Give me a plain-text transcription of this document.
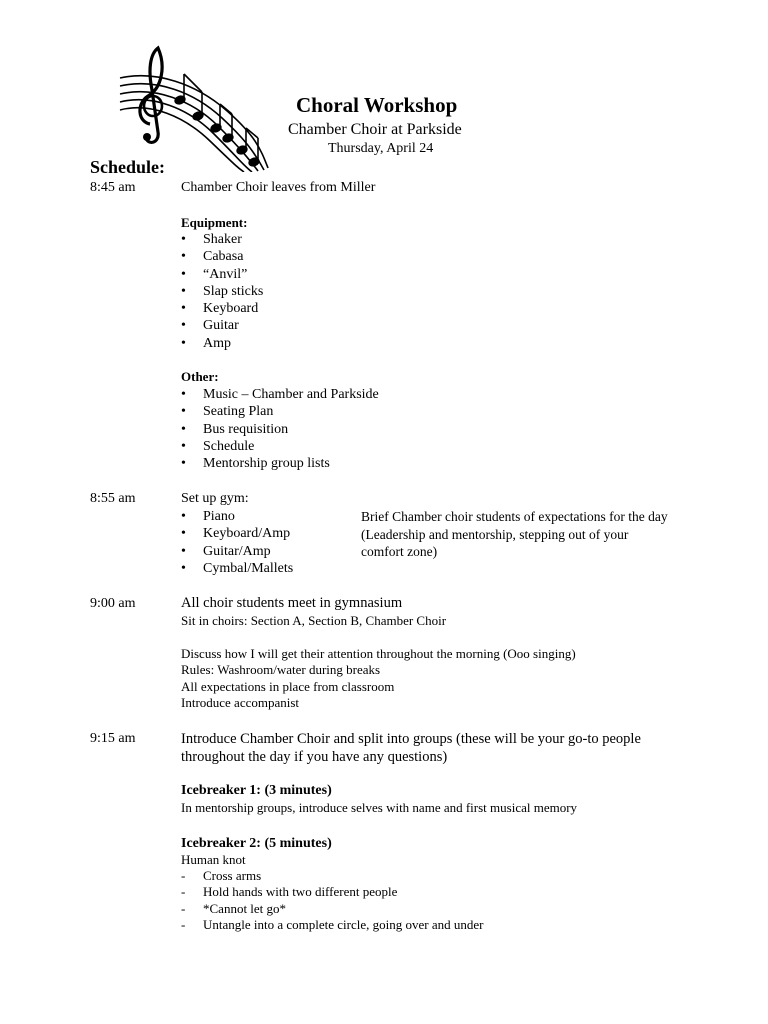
Choral Workshop
Chamber Choir at Parkside
Thursday, April 24
Schedule:
8:45 am	Chamber Choir leaves from Miller
Equipment:
• Shaker
• Cabasa
• “Anvil”
• Slap sticks
• Keyboard
• Guitar
• Amp
Other:
• Music – Chamber and Parkside
• Seating Plan
• Bus requisition
• Schedule
• Mentorship group lists
8:55 am	Set up gym:
• Piano
• Keyboard/Amp
• Guitar/Amp
• Cymbal/Mallets
Brief Chamber choir students of expectations for the day
(Leadership and mentorship, stepping out of your
comfort zone)
9:00 am	All choir students meet in gymnasium
Sit in choirs: Section A, Section B, Chamber Choir
Discuss how I will get their attention throughout the morning (Ooo singing)
Rules: Washroom/water during breaks
All expectations in place from classroom
Introduce accompanist
9:15 am	Introduce Chamber Choir and split into groups (these will be your go-to people
throughout the day if you have any questions)
Icebreaker 1: (3 minutes)
In mentorship groups, introduce selves with name and first musical memory
Icebreaker 2: (5 minutes)
Human knot
- Cross arms
- Hold hands with two different people
- *Cannot let go*
- Untangle into a complete circle, going over and under
